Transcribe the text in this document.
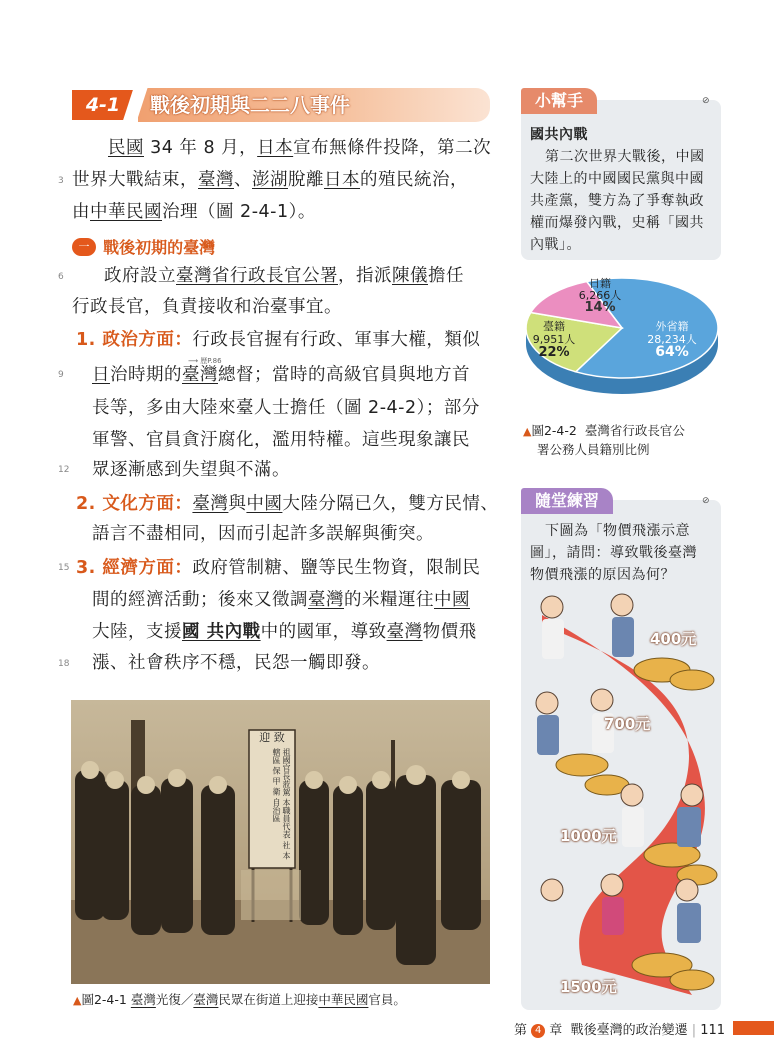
4-1	戰後初期與二二八事件
民國 34 年 8 月，日本宣布無條件投降，第二次
世界大戰結束，臺灣、澎湖脫離日本的殖民統治，
由中華民國治理（圖 2-4-1）。
一 戰後初期的臺灣
政府設立臺灣省行政長官公署，指派陳儀擔任
行政長官，負責接收和治臺事宜。
1. 政治方面：行政長官握有行政、軍事大權，類似
⟶ 歷P.86
日治時期的臺灣總督；當時的高級官員與地方首
長等，多由大陸來臺人士擔任（圖 2-4-2）；部分
軍警、官員貪汙腐化，濫用特權。這些現象讓民
眾逐漸感到失望與不滿。
2. 文化方面：臺灣與中國大陸分隔已久，雙方民情、
語言不盡相同，因而引起許多誤解與衝突。
3. 經濟方面：政府管制糖、鹽等民生物資，限制民
間的經濟活動；後來又徵調臺灣的米糧運往中國
大陸，支援國 共內戰中的國軍，導致臺灣物價飛
漲、社會秩序不穩，民怨一觸即發。
3
6
9
12
15
18
迎 致
祖國官長蒞駕 本職員代表 社 本轄區 保 甲 衛 自治區
▲圖2-4-1 臺灣光復／臺灣民眾在街道上迎接中華民國官員。
小幫手	⊘
國共內戰
第二次世界大戰後，中國
大陸上的中國國民黨與中國
共產黨，雙方為了爭奪執政
權而爆發內戰，史稱「國共
內戰」。
日籍
6,266人
14%
臺籍
9,951人
22%
外省籍
28,234人
64%
▲圖2-4-2 臺灣省行政長官公
署公務人員籍別比例
隨堂練習	⊘
下圖為「物價飛漲示意
圖」，請問：導致戰後臺灣
物價飛漲的原因為何？
400元
700元
1000元
1500元
第 4 章 戰後臺灣的政治變遷 | 111
